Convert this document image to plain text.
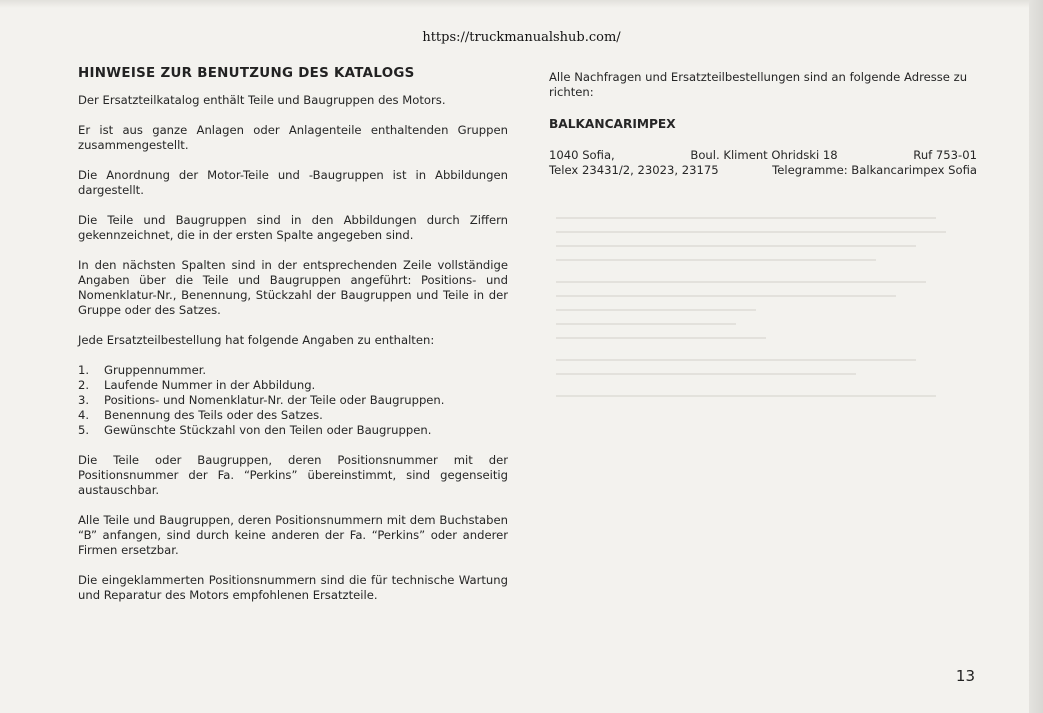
https://truckmanualshub.com/
HINWEISE ZUR BENUTZUNG DES KATALOGS

Der Ersatzteilkatalog enthält Teile und Baugruppen des Motors.

Er ist aus ganze Anlagen oder Anlagenteile enthaltenden Gruppen zusammengestellt.

Die Anordnung der Motor-Teile und -Baugruppen ist in Abbildungen dargestellt.

Die Teile und Baugruppen sind in den Abbildungen durch Ziffern gekennzeichnet, die in der ersten Spalte angegeben sind.

In den nächsten Spalten sind in der entsprechenden Zeile vollständige Angaben über die Teile und Baugruppen angeführt: Positions- und Nomenklatur-Nr., Benennung, Stückzahl der Baugruppen und Teile in der Gruppe oder des Satzes.

Jede Ersatzteilbestellung hat folgende Angaben zu enthalten:

1.	Gruppennummer.
2.	Laufende Nummer in der Abbildung.
3.	Positions- und Nomenklatur-Nr. der Teile oder Baugruppen.
4.	Benennung des Teils oder des Satzes.
5.	Gewünschte Stückzahl von den Teilen oder Baugruppen.

Die Teile oder Baugruppen, deren Positionsnummer mit der Positionsnummer der Fa. “Perkins” übereinstimmt, sind gegenseitig austauschbar.

Alle Teile und Baugruppen, deren Positionsnummern mit dem Buchstaben “B” anfangen, sind durch keine anderen der Fa. “Perkins” oder anderer Firmen ersetzbar.

Die eingeklammerten Positionsnummern sind die für technische Wartung und Reparatur des Motors empfohlenen Ersatzteile.

Alle Nachfragen und Ersatzteilbestellungen sind an folgende Adresse zu richten:

BALKANCARIMPEX
1040 Sofia,	Boul. Kliment Ohridski 18	Ruf 753-01
Telex 23431/2, 23023, 23175	Telegramme: Balkancarimpex Sofia
13
